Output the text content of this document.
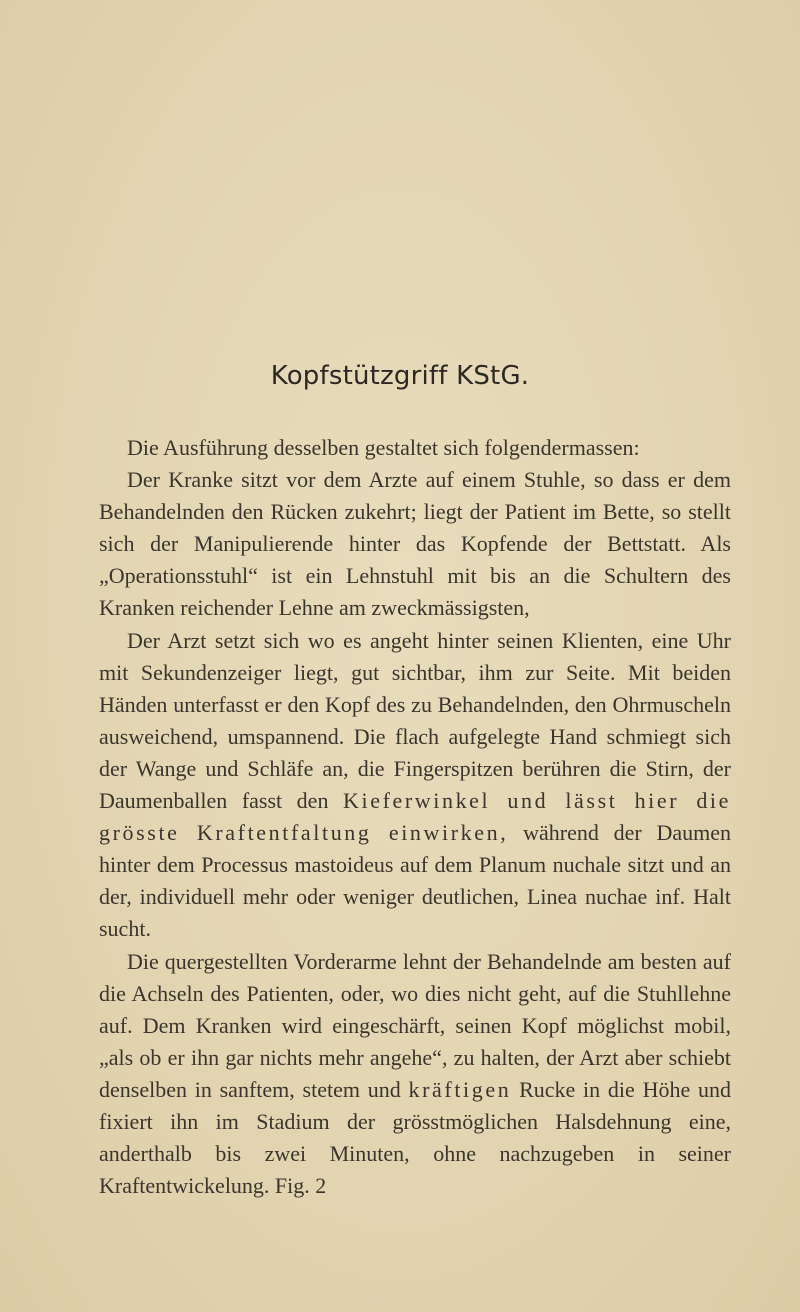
Kopfstützgriff KStG.

Die Ausführung desselben gestaltet sich folgendermassen:

Der Kranke sitzt vor dem Arzte auf einem Stuhle, so dass er dem Behandelnden den Rücken zukehrt; liegt der Patient im Bette, so stellt sich der Manipulierende hinter das Kopfende der Bettstatt. Als „Operationsstuhl“ ist ein Lehnstuhl mit bis an die Schultern des Kranken reichender Lehne am zweckmässigsten,

Der Arzt setzt sich wo es angeht hinter seinen Klienten, eine Uhr mit Sekundenzeiger liegt, gut sichtbar, ihm zur Seite. Mit beiden Händen unterfasst er den Kopf des zu Behandelnden, den Ohrmuscheln ausweichend, umspannend. Die flach aufgelegte Hand schmiegt sich der Wange und Schläfe an, die Fingerspitzen berühren die Stirn, der Daumenballen fasst den Kieferwinkel und lässt hier die grösste Kraftentfaltung einwirken, während der Daumen hinter dem Processus mastoideus auf dem Planum nuchale sitzt und an der, individuell mehr oder weniger deutlichen, Linea nuchae inf. Halt sucht.

Die quergestellten Vorderarme lehnt der Behandelnde am besten auf die Achseln des Patienten, oder, wo dies nicht geht, auf die Stuhllehne auf. Dem Kranken wird eingeschärft, seinen Kopf möglichst mobil, „als ob er ihn gar nichts mehr angehe“, zu halten, der Arzt aber schiebt denselben in sanftem, stetem und kräftigen Rucke in die Höhe und fixiert ihn im Stadium der grösstmöglichen Halsdehnung eine, anderthalb bis zwei Minuten, ohne nachzugeben in seiner Kraftentwickelung. Fig. 2
